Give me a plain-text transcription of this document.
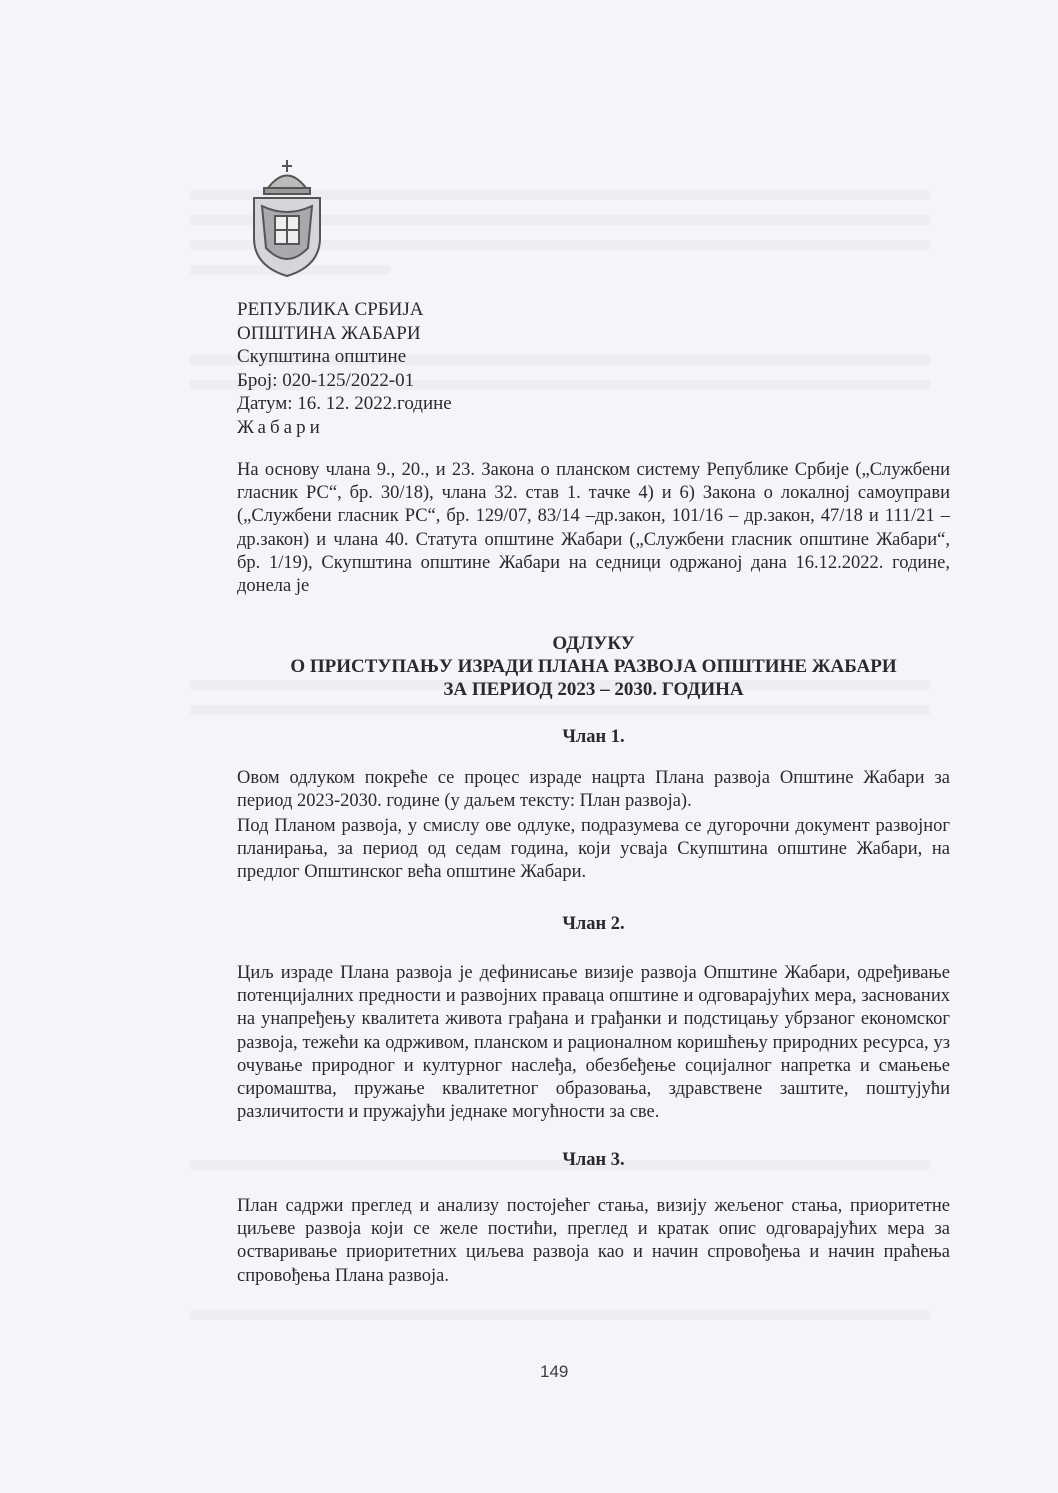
РЕПУБЛИКА СРБИЈА
ОПШТИНА ЖАБАРИ
Скупштина општине
Број: 020-125/2022-01
Датум: 16. 12. 2022.године
Жабари

На основу члана 9., 20., и 23. Закона о планском систему Републике Србије („Службени гласник РС“, бр. 30/18), члана 32. став 1. тачке 4) и 6) Закона о локалној самоуправи („Службени гласник РС“, бр. 129/07, 83/14 –др.закон, 101/16 – др.закон, 47/18 и 111/21 – др.закон) и члана 40. Статута општине Жабари („Службени гласник општине Жабари“, бр. 1/19), Скупштина општине Жабари на седници одржаној дана 16.12.2022. године, донела је

ОДЛУКУ
О ПРИСТУПАЊУ ИЗРАДИ ПЛАНА РАЗВОЈА ОПШТИНЕ ЖАБАРИ
ЗА ПЕРИОД 2023 – 2030. ГОДИНА
Члан 1.

Овом одлуком покреће се процес израде нацрта Плана развоја Општине Жабари за период 2023-2030. године (у даљем тексту: План развоја).

Под Планом развоја, у смислу ове одлуке, подразумева се дугорочни документ развојног планирања, за период од седам година, који усваја Скупштина општине Жабари, на предлог Општинског већа општине Жабари.

Члан 2.

Циљ израде Плана развоја је дефинисање визије развоја Општине Жабари, одређивање потенцијалних предности и развојних праваца општине и одговарајућих мера, заснованих на унапређењу квалитета живота грађана и грађанки и подстицању убрзаног економског развоја, тежећи ка одрживом, планском и рационалном коришћењу природних ресурса, уз очување природног и културног наслеђа, обезбеђење социјалног напретка и смањење сиромаштва, пружање квалитетног образовања, здравствене заштите, поштујући различитости и пружајући једнаке могућности за све.

Члан 3.

План садржи преглед и анализу постојећег стања, визију жељеног стања, приоритетне циљеве развоја који се желе постићи, преглед и кратак опис одговарајућих мера за остваривање приоритетних циљева развоја као и начин спровођења и начин праћења спровођења Плана развоја.

149
